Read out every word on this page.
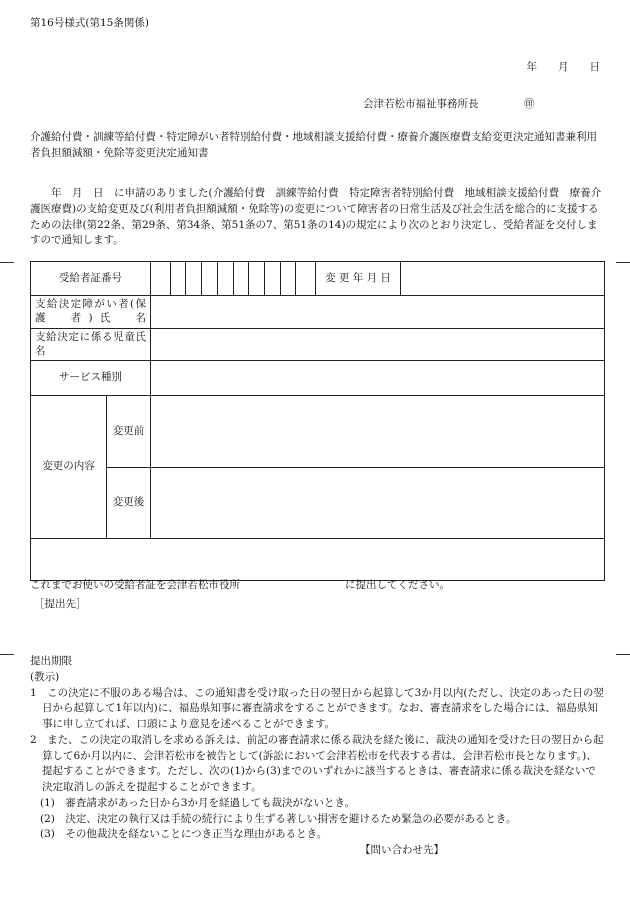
第16号様式(第15条関係)
年　　月　　日
会津若松市福祉事務所長	㊞
介護給付費・訓練等給付費・特定障がい者特別給付費・地域相談支援給付費・療養介護医療費支給変更決定通知書兼利用者負担額減額・免除等変更決定通知書
　　年　月　日　に申請のありました(介護給付費　訓練等給付費　特定障害者特別給付費　地域相談支援給付費　療養介護医療費)の支給変更及び(利用者負担額減額・免除等)の変更について障害者の日常生活及び社会生活を総合的に支援するための法律(第22条、第29条、第34条、第51条の7、第51条の14)の規定により次のとおり決定し、受給者証を交付しますので通知します。
受給者証番号			変 更 年 月 日	
支給決定障がい者(保　護　者)氏　名				
支給決定に係る児童氏名				
サービス種別				
変更の内容	変更前			
	変更後			

これまでお使いの受給者証を会津若松市役所　　　　　　　　　　に提出してください。
［提出先］

提出期限

(教示)

1　この決定に不服のある場合は、この通知書を受け取った日の翌日から起算して3か月以内(ただし、決定のあった日の翌日から起算して1年以内)に、福島県知事に審査請求をすることができます。なお、審査請求をした場合には、福島県知事に申し立てれば、口頭により意見を述べることができます。

2　また、この決定の取消しを求める訴えは、前記の審査請求に係る裁決を経た後に、裁決の通知を受けた日の翌日から起算して6か月以内に、会津若松市を被告として(訴訟において会津若松市を代表する者は、会津若松市長となります。)、提起することができます。ただし、次の(1)から(3)までのいずれかに該当するときは、審査請求に係る裁決を経ないで決定取消しの訴えを提起することができます。

(1)　審査請求があった日から3か月を経過しても裁決がないとき。

(2)　決定、決定の執行又は手続の続行により生ずる著しい損害を避けるため緊急の必要があるとき。

(3)　その他裁決を経ないことにつき正当な理由があるとき。

【問い合わせ先】
